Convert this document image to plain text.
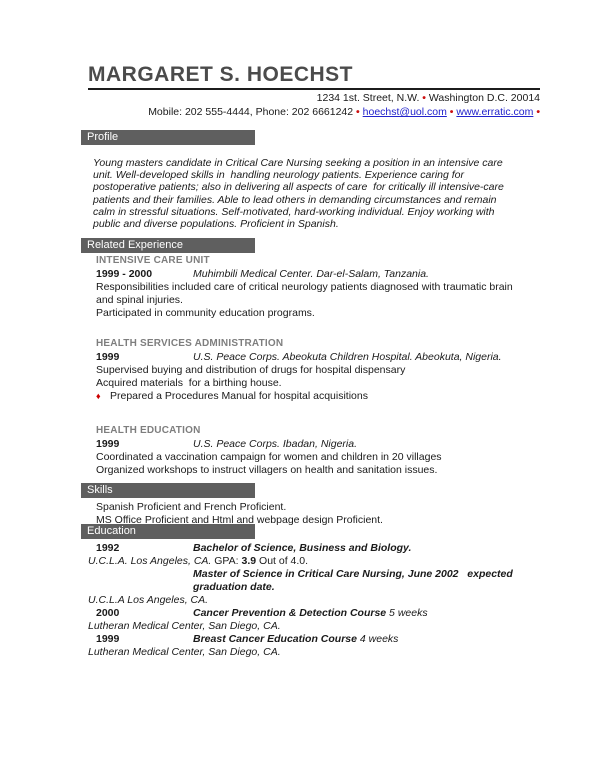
MARGARET S. HOECHST
1234 1st. Street, N.W. • Washington D.C. 20014
Mobile: 202 555-4444, Phone: 202 6661242 • hoechst@uol.com • www.erratic.com •
Profile
Young masters candidate in Critical Care Nursing seeking a position in an intensive care unit. Well-developed skills in  handling neurology patients. Experience caring for  postoperative patients; also in delivering all aspects of care  for critically ill intensive-care patients and their families. Able to lead others in demanding circumstances and remain calm in stressful situations. Self-motivated, hard-working individual. Enjoy working with public and diverse populations. Proficient in Spanish.
Related Experience
INTENSIVE CARE UNIT
1999 - 2000	Muhimbili Medical Center. Dar-el-Salam, Tanzania.
Responsibilities included care of critical neurology patients diagnosed with traumatic brain and spinal injuries.
Participated in community education programs.
HEALTH SERVICES ADMINISTRATION
1999	U.S. Peace Corps. Abeokuta Children Hospital. Abeokuta, Nigeria.
Supervised buying and distribution of drugs for hospital dispensary
Acquired materials  for a birthing house.
♦ Prepared a Procedures Manual for hospital acquisitions
HEALTH EDUCATION
1999	U.S. Peace Corps. Ibadan, Nigeria.
Coordinated a vaccination campaign for women and children in 20 villages
Organized workshops to instruct villagers on health and sanitation issues.
Skills
Spanish Proficient and French Proficient.
MS Office Proficient and Html and webpage design Proficient.
Education
1992	Bachelor of Science, Business and Biology.
U.C.L.A. Los Angeles, CA. GPA: 3.9 Out of 4.0.
Master of Science in Critical Care Nursing, June 2002   expected graduation date.
U.C.L.A Los Angeles, CA.
2000	Cancer Prevention & Detection Course 5 weeks
Lutheran Medical Center, San Diego, CA.
1999	Breast Cancer Education Course 4 weeks
Lutheran Medical Center, San Diego, CA.
